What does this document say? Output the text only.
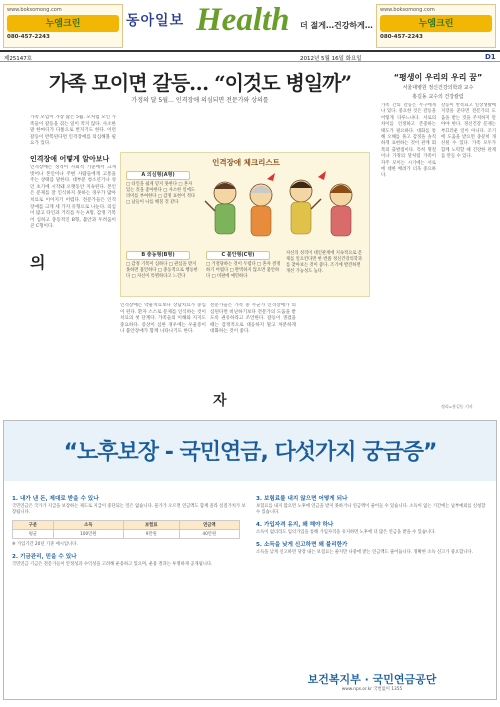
www.boksomong.com
누엠크린
080-457-2243
동아일보 Health 더 젊게…건강하게…
www.boksomong.com
누엠크린
080-457-2243
제25147호	2012년 5월 16일 화요일	D1
가족 모이면 갈등… “이것도 병일까”
가정의 달 5월… 인격장애 의심되면 전문가와 상의를
가족 모임이 가장 많은 5월. 모처럼 모인 가족들이 갈등을 겪는 일이 적지 않다. 사소한 말 한마디가 다툼으로 번지기도 한다. 이런 갈등이 반복된다면 인격장애를 의심해볼 필요가 있다.
인격장애 어떻게 알아보나
인격장애는 성격이 사회적 기준에서 크게 벗어나 본인이나 주변 사람들에게 고통을 주는 상태를 말한다. 대부분 청소년기나 성인 초기에 시작돼 오랫동안 지속된다. 본인은 문제를 잘 인식하지 못하는 경우가 많아 치료로 이어지기 어렵다. 전문가들은 인격장애를 크게 세 가지 유형으로 나눈다. 의심이 많고 타인과 거리를 두는 A형, 감정 기복이 심하고 충동적인 B형, 불안과 두려움이 큰 C형이다.
의
인격장애 체크리스트
A 의심형(A형)
□ 타인을 쉽게 믿지 못한다 □ 혼자 있는 것을 좋아한다 □ 사소한 일에도 의미를 부여한다 □ 감정 표현이 적다 □ 남들이 나를 해칠 것 같다
B 충동형(B형)
□ 감정 기복이 심하다 □ 관심을 받지 못하면 불안하다 □ 충동적으로 행동한다 □ 자신이 특별하다고 느낀다
C 불안형(C형)
□ 거절당하는 것이 두렵다 □ 혼자 결정하기 어렵다 □ 완벽하지 않으면 불안하다 □ 비판에 예민하다
자신의 성격이 대인관계에 지속적으로 문제를 일으킨다면 한 번쯤 정신건강의학과를 찾아보는 것이 좋다. 조기에 발견하면 개선 가능성도 높다.
인격장애는 약물치료보다 상담치료가 중심이 된다. 환자 스스로 문제를 인식하는 것이 치료의 첫 단계다. 가족들의 이해와 지지도 중요하다. 증상이 심한 경우에는 우울증이나 불안장애가 함께 나타나기도 한다.
전문가들은 가족 중 누군가 인격장애가 의심된다면 비난하기보다 전문가의 도움을 받도록 권유하라고 조언한다. 갈등이 생겼을 때는 감정적으로 대응하지 말고 차분하게 대화하는 것이 좋다.
자
“평생이 우리의 우리 꿈”
서울대병원 정신건강의학과 교수
홍길동 교수의 건강칼럼
가족 간의 갈등은 누구에게나 있다. 중요한 것은 갈등을 어떻게 다루느냐다. 서로의 차이를 인정하고 존중하는 태도가 필요하다. 대화를 통해 오해를 풀고 감정을 솔직하게 표현하는 것이 관계 회복의 출발점이다. 특히 명절이나 가정의 달처럼 가족이 자주 모이는 시기에는 서로에 대한 배려가 더욱 중요하다.
갈등이 반복되고 일상생활에 지장을 준다면 전문가의 도움을 받는 것을 주저하지 말아야 한다. 정신건강 문제는 부끄러운 일이 아니다. 조기에 도움을 받으면 충분히 개선될 수 있다. 가족 모두가 함께 노력할 때 건강한 관계를 만들 수 있다.
정리=홍길동 기자
“노후보장 - 국민연금, 다섯가지 궁금증”
1. 내가 낸 돈, 제대로 받을 수 있나
국민연금은 국가가 지급을 보장하는 제도로 지급이 중단되는 일은 없습니다. 물가가 오르면 연금액도 함께 올라 실질가치가 보장됩니다.
구분	소득	보험료	연금액
평균	100만원	9만원	40만원
※ 가입기간 20년 기준 예시입니다.
2. 기금관리, 믿을 수 있나
국민연금 기금은 전문가들이 안정성과 수익성을 고려해 운용하고 있으며, 운용 결과는 투명하게 공개됩니다.
3. 보험료를 내지 않으면 어떻게 되나
보험료를 내지 않으면 노후에 연금을 받지 못하거나 연금액이 줄어들 수 있습니다. 소득이 없는 기간에는 납부예외를 신청할 수 있습니다.
4. 가입자격 유지, 왜 해야 하나
소득이 없더라도 임의가입을 통해 가입자격을 유지하면 노후에 더 많은 연금을 받을 수 있습니다.
5. 소득을 낮게 신고하면 왜 불리한가
소득을 낮게 신고하면 당장 내는 보험료는 줄지만 나중에 받는 연금액도 줄어듭니다. 정확한 소득 신고가 중요합니다.
보건복지부 · 국민연금공단
www.nps.or.kr 국번없이 1355
